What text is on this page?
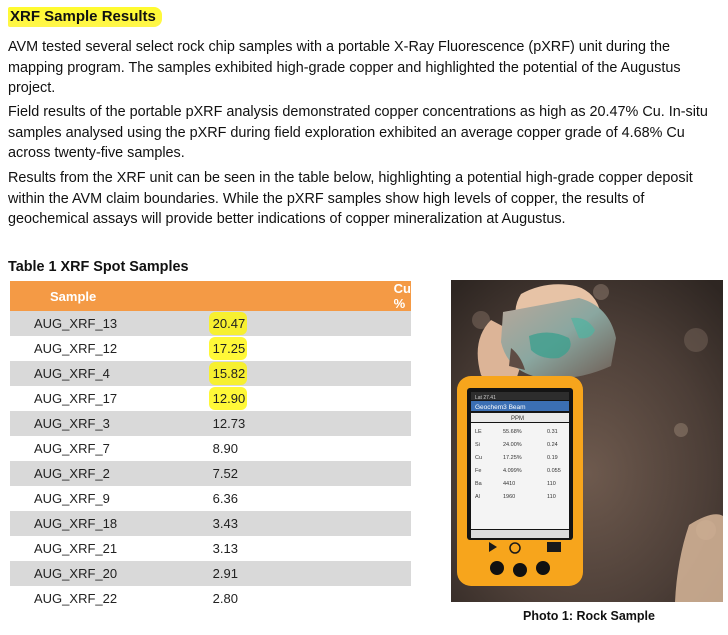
XRF Sample Results
AVM tested several select rock chip samples with a portable X-Ray Fluorescence (pXRF) unit during the mapping program. The samples exhibited high-grade copper and highlighted the potential of the Augustus project.
Field results of the portable pXRF analysis demonstrated copper concentrations as high as 20.47% Cu. In-situ samples analysed using the pXRF during field exploration exhibited an average copper grade of 4.68% Cu across twenty-five samples.
Results from the XRF unit can be seen in the table below, highlighting a potential high-grade copper deposit within the AVM claim boundaries. While the pXRF samples show high levels of copper, the results of geochemical assays will provide better indications of copper mineralization at Augustus.
Table 1 XRF Spot Samples
Sample	Cu %
AUG_XRF_13	20.47
AUG_XRF_12	17.25
AUG_XRF_4	15.82
AUG_XRF_17	12.90
AUG_XRF_3	12.73
AUG_XRF_7	8.90
AUG_XRF_2	7.52
AUG_XRF_9	6.36
AUG_XRF_18	3.43
AUG_XRF_21	3.13
AUG_XRF_20	2.91
AUG_XRF_22	2.80
Lat 27.41
Geochem3 Beam
PPM
LE	55.68%	0.31
Si	24.00%	0.24
Cu	17.25%	0.19
Fe	4.099%	0.055
Ba	4410	110
Al	1960	110
Photo 1: Rock Sample
